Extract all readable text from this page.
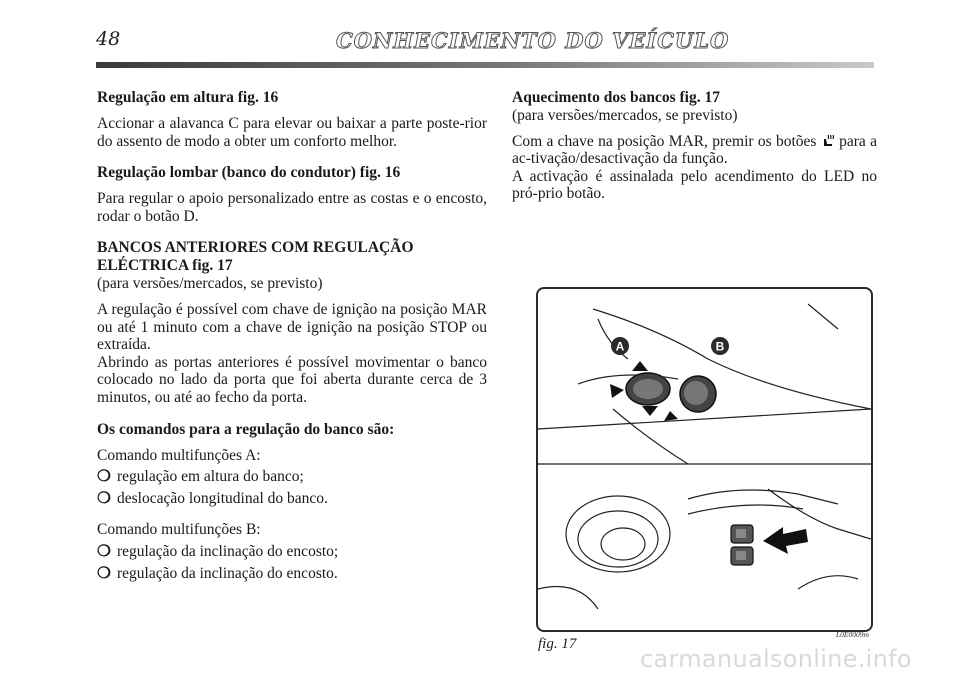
48	CONHECIMENTO DO VEÍCULO

Regulação em altura fig. 16

Accionar a alavanca C para elevar ou baixar a parte poste-rior do assento de modo a obter um conforto melhor.

Regulação lombar (banco do condutor) fig. 16

Para regular o apoio personalizado entre as costas e o encosto, rodar o botão D.

BANCOS ANTERIORES COM REGULAÇÃO

ELÉCTRICA fig. 17

(para versões/mercados, se previsto)

A regulação é possível com chave de ignição na posição MAR ou até 1 minuto com a chave de ignição na posição STOP ou extraída.

Abrindo as portas anteriores é possível movimentar o banco colocado no lado da porta que foi aberta durante cerca de 3 minutos, ou até ao fecho da porta.

Os comandos para a regulação do banco são:

Comando multifunções A:

❍ regulação em altura do banco;
❍ deslocação longitudinal do banco.

Comando multifunções B:

❍ regulação da inclinação do encosto;
❍ regulação da inclinação do encosto.

Aquecimento dos bancos fig. 17

(para versões/mercados, se previsto)

Com a chave na posição MAR, premir os botões  para a ac-tivação/desactivação da função.

A activação é assinalada pelo acendimento do LED no pró-prio botão.

A	B
fig. 17
L0E0009m
carmanualsonline.info
